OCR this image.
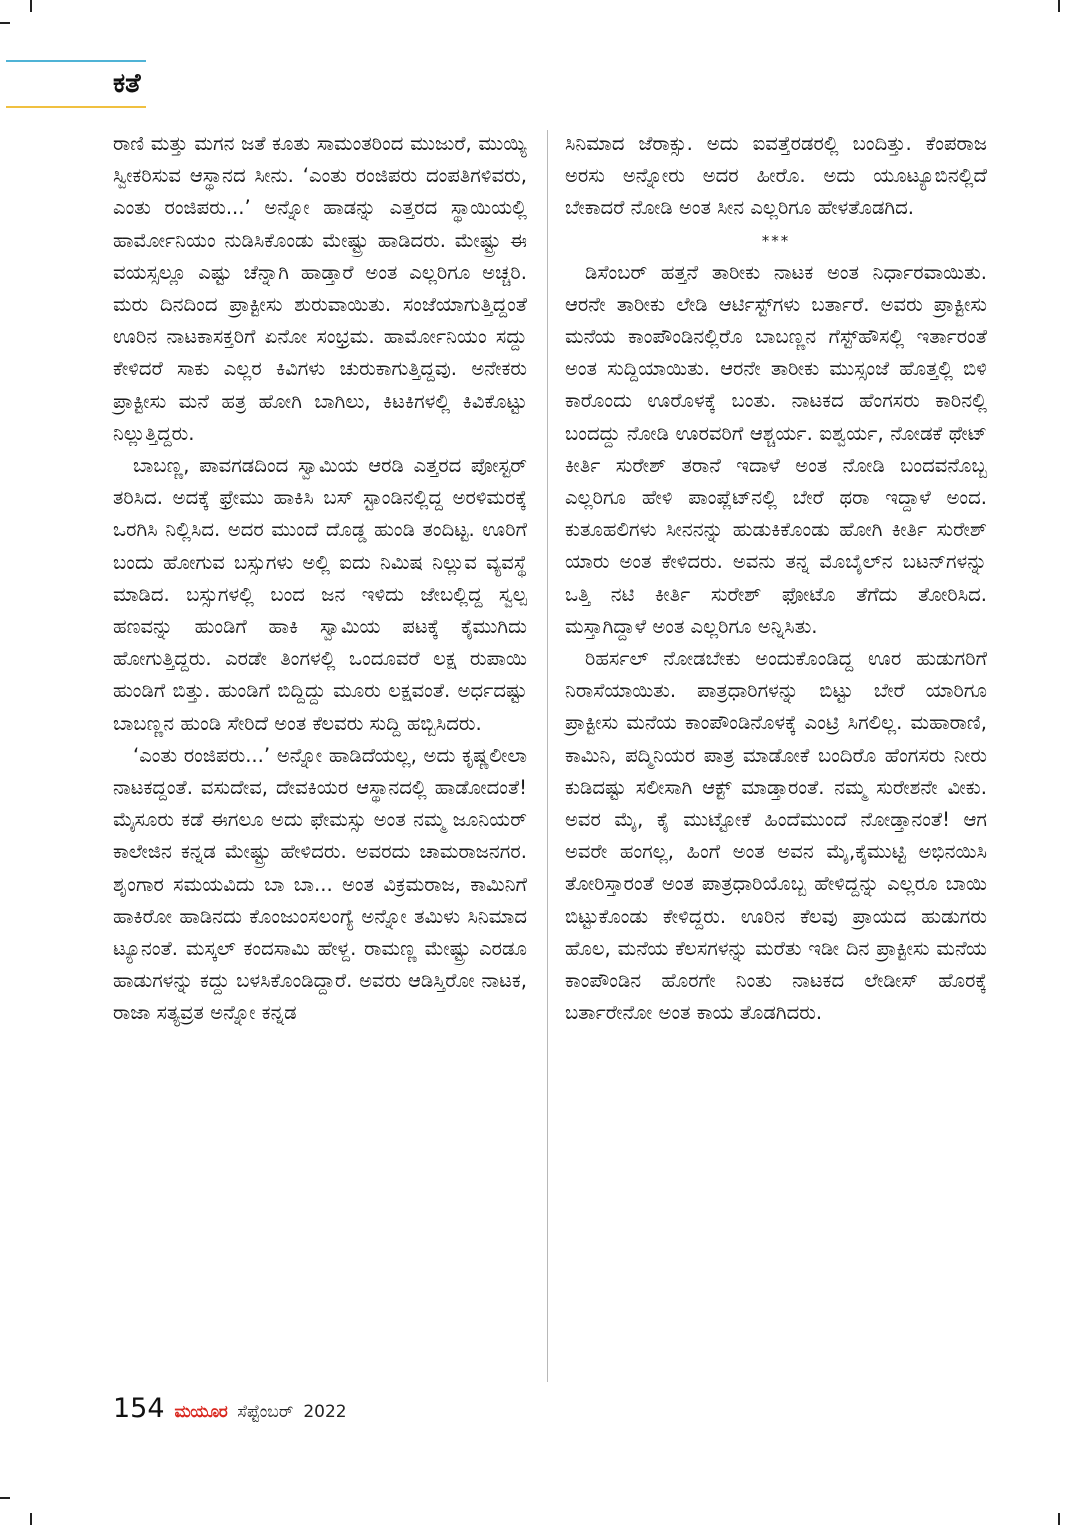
ಕತೆ

ರಾಣಿ ಮತ್ತು ಮಗನ ಜತೆ ಕೂತು ಸಾಮಂತರಿಂದ ಮುಜುರೆ, ಮುಯ್ಯಿ ಸ್ವೀಕರಿಸುವ ಆಸ್ಥಾನದ ಸೀನು. ‘ಎಂತು ರಂಜಿಪರು ದಂಪತಿಗಳಿವರು, ಎಂತು ರಂಜಿಪರು...’ ಅನ್ನೋ ಹಾಡನ್ನು ಎತ್ತರದ ಸ್ಥಾಯಿಯಲ್ಲಿ ಹಾರ್ಮೋನಿಯಂ ನುಡಿಸಿಕೊಂಡು ಮೇಷ್ಟ್ರು ಹಾಡಿದರು. ಮೇಷ್ಟ್ರು ಈ ವಯಸ್ಸಲ್ಲೂ ಎಷ್ಟು ಚೆನ್ನಾಗಿ ಹಾಡ್ತಾರೆ ಅಂತ ಎಲ್ಲರಿಗೂ ಅಚ್ಚರಿ. ಮರು ದಿನದಿಂದ ಪ್ರಾಕ್ಟೀಸು ಶುರುವಾಯಿತು. ಸಂಜೆಯಾಗುತ್ತಿದ್ದಂತೆ ಊರಿನ ನಾಟಕಾಸಕ್ತರಿಗೆ ಏನೋ ಸಂಭ್ರಮ. ಹಾರ್ಮೋನಿಯಂ ಸದ್ದು ಕೇಳಿದರೆ ಸಾಕು ಎಲ್ಲರ ಕಿವಿಗಳು ಚುರುಕಾಗುತ್ತಿದ್ದವು. ಅನೇಕರು ಪ್ರಾಕ್ಟೀಸು ಮನೆ ಹತ್ರ ಹೋಗಿ ಬಾಗಿಲು, ಕಿಟಕಿಗಳಲ್ಲಿ ಕಿವಿಕೊಟ್ಟು ನಿಲ್ಲುತ್ತಿದ್ದರು.

ಬಾಬಣ್ಣ, ಪಾವಗಡದಿಂದ ಸ್ವಾಮಿಯ ಆರಡಿ ಎತ್ತರದ ಪೋಸ್ಟರ್ ತರಿಸಿದ. ಅದಕ್ಕೆ ಫ್ರೇಮು ಹಾಕಿಸಿ ಬಸ್ ಸ್ಟಾಂಡಿನಲ್ಲಿದ್ದ ಅರಳಿಮರಕ್ಕೆ ಒರಗಿಸಿ ನಿಲ್ಲಿಸಿದ. ಅದರ ಮುಂದೆ ದೊಡ್ಡ ಹುಂಡಿ ತಂದಿಟ್ಟ. ಊರಿಗೆ ಬಂದು ಹೋಗುವ ಬಸ್ಸುಗಳು ಅಲ್ಲಿ ಐದು ನಿಮಿಷ ನಿಲ್ಲುವ ವ್ಯವಸ್ಥೆ ಮಾಡಿದ. ಬಸ್ಸುಗಳಲ್ಲಿ ಬಂದ ಜನ ಇಳಿದು ಜೇಬಲ್ಲಿದ್ದ ಸ್ವಲ್ಪ ಹಣವನ್ನು ಹುಂಡಿಗೆ ಹಾಕಿ ಸ್ವಾಮಿಯ ಪಟಕ್ಕೆ ಕೈಮುಗಿದು ಹೋಗುತ್ತಿದ್ದರು. ಎರಡೇ ತಿಂಗಳಲ್ಲಿ ಒಂದೂವರೆ ಲಕ್ಷ ರುಪಾಯಿ ಹುಂಡಿಗೆ ಬಿತ್ತು. ಹುಂಡಿಗೆ ಬಿದ್ದಿದ್ದು ಮೂರು ಲಕ್ಷವಂತೆ. ಅರ್ಧದಷ್ಟು ಬಾಬಣ್ಣನ ಹುಂಡಿ ಸೇರಿದೆ ಅಂತ ಕೆಲವರು ಸುದ್ದಿ ಹಬ್ಬಿಸಿದರು.

‘ಎಂತು ರಂಜಿಪರು...’ ಅನ್ನೋ ಹಾಡಿದೆಯಲ್ಲ, ಅದು ಕೃಷ್ಣಲೀಲಾ ನಾಟಕದ್ದಂತೆ. ವಸುದೇವ, ದೇವಕಿಯರ ಆಸ್ಥಾನದಲ್ಲಿ ಹಾಡೋದಂತೆ! ಮೈಸೂರು ಕಡೆ ಈಗಲೂ ಅದು ಫೇಮಸ್ಸು ಅಂತ ನಮ್ಮ ಜೂನಿಯರ್ ಕಾಲೇಜಿನ ಕನ್ನಡ ಮೇಷ್ಟ್ರು ಹೇಳಿದರು. ಅವರದು ಚಾಮರಾಜನಗರ. ಶೃಂಗಾರ ಸಮಯವಿದು ಬಾ ಬಾ... ಅಂತ ವಿಕ್ರಮರಾಜ, ಕಾಮಿನಿಗೆ ಹಾಕಿರೋ ಹಾಡಿನದು ಕೊಂಜುಂಸಲಂಗ್ಯೆ ಅನ್ನೋ ತಮಿಳು ಸಿನಿಮಾದ ಟ್ಯೂನಂತೆ. ಮಸ್ಕಲ್ ಕಂದಸಾಮಿ ಹೇಳ್ದ. ರಾಮಣ್ಣ ಮೇಷ್ಟ್ರು ಎರಡೂ ಹಾಡುಗಳನ್ನು ಕದ್ದು ಬಳಸಿಕೊಂಡಿದ್ದಾರೆ. ಅವರು ಆಡಿಸ್ತಿರೋ ನಾಟಕ, ರಾಜಾ ಸತ್ಯವ್ರತ ಅನ್ನೋ ಕನ್ನಡ

ಸಿನಿಮಾದ ಜೆರಾಕ್ಸು. ಅದು ಐವತ್ತೆರಡರಲ್ಲಿ ಬಂದಿತ್ತು. ಕೆಂಪರಾಜ ಅರಸು ಅನ್ನೋರು ಅದರ ಹೀರೊ. ಅದು ಯೂಟ್ಯೂಬಿನಲ್ಲಿದೆ ಬೇಕಾದರೆ ನೋಡಿ ಅಂತ ಸೀನ ಎಲ್ಲರಿಗೂ ಹೇಳತೊಡಗಿದ.

***

ಡಿಸೆಂಬರ್ ಹತ್ತನೆ ತಾರೀಕು ನಾಟಕ ಅಂತ ನಿರ್ಧಾರವಾಯಿತು. ಆರನೇ ತಾರೀಕು ಲೇಡಿ ಆರ್ಟಿಸ್ಟ್‌ಗಳು ಬರ್ತಾರೆ. ಅವರು ಪ್ರಾಕ್ಟೀಸು ಮನೆಯ ಕಾಂಪೌಂಡಿನಲ್ಲಿರೊ ಬಾಬಣ್ಣನ ಗೆಸ್ಟ್‌ಹೌಸಲ್ಲಿ ಇರ್ತಾರಂತೆ ಅಂತ ಸುದ್ದಿಯಾಯಿತು. ಆರನೇ ತಾರೀಕು ಮುಸ್ಸಂಜೆ ಹೊತ್ತಲ್ಲಿ ಬಿಳಿ ಕಾರೊಂದು ಊರೊಳಕ್ಕೆ ಬಂತು. ನಾಟಕದ ಹೆಂಗಸರು ಕಾರಿನಲ್ಲಿ ಬಂದದ್ದು ನೋಡಿ ಊರವರಿಗೆ ಆಶ್ಚರ್ಯ. ಐಶ್ವರ್ಯ, ನೋಡಕೆ ಥೇಟ್ ಕೀರ್ತಿ ಸುರೇಶ್ ತರಾನೆ ಇದಾಳೆ ಅಂತ ನೋಡಿ ಬಂದವನೊಬ್ಬ ಎಲ್ಲರಿಗೂ ಹೇಳಿ ಪಾಂಪ್ಲೆಟ್‌ನಲ್ಲಿ ಬೇರೆ ಥರಾ ಇದ್ದಾಳೆ ಅಂದ. ಕುತೂಹಲಿಗಳು ಸೀನನನ್ನು ಹುಡುಕಿಕೊಂಡು ಹೋಗಿ ಕೀರ್ತಿ ಸುರೇಶ್ ಯಾರು ಅಂತ ಕೇಳಿದರು. ಅವನು ತನ್ನ ಮೊಬೈಲ್‌ನ ಬಟನ್‌ಗಳನ್ನು ಒತ್ತಿ ನಟಿ ಕೀರ್ತಿ ಸುರೇಶ್ ಫೋಟೊ ತೆಗೆದು ತೋರಿಸಿದ. ಮಸ್ತಾಗಿದ್ದಾಳೆ ಅಂತ ಎಲ್ಲರಿಗೂ ಅನ್ನಿಸಿತು.

ರಿಹರ್ಸಲ್ ನೋಡಬೇಕು ಅಂದುಕೊಂಡಿದ್ದ ಊರ ಹುಡುಗರಿಗೆ ನಿರಾಸೆಯಾಯಿತು. ಪಾತ್ರಧಾರಿಗಳನ್ನು ಬಿಟ್ಟು ಬೇರೆ ಯಾರಿಗೂ ಪ್ರಾಕ್ಟೀಸು ಮನೆಯ ಕಾಂಪೌಂಡಿನೊಳಕ್ಕೆ ಎಂಟ್ರಿ ಸಿಗಲಿಲ್ಲ. ಮಹಾರಾಣಿ, ಕಾಮಿನಿ, ಪದ್ಮಿನಿಯರ ಪಾತ್ರ ಮಾಡೋಕೆ ಬಂದಿರೊ ಹೆಂಗಸರು ನೀರು ಕುಡಿದಷ್ಟು ಸಲೀಸಾಗಿ ಆಕ್ಟ್ ಮಾಡ್ತಾರಂತೆ. ನಮ್ಮ ಸುರೇಶನೇ ವೀಕು. ಅವರ ಮೈ, ಕೈ ಮುಟ್ಟೋಕೆ ಹಿಂದೆಮುಂದೆ ನೋಡ್ತಾನಂತೆ! ಆಗ ಅವರೇ ಹಂಗಲ್ಲ, ಹಿಂಗೆ ಅಂತ ಅವನ ಮೈ,ಕೈಮುಟ್ಟಿ ಅಭಿನಯಿಸಿ ತೋರಿಸ್ತಾರಂತೆ ಅಂತ ಪಾತ್ರಧಾರಿಯೊಬ್ಬ ಹೇಳಿದ್ದನ್ನು ಎಲ್ಲರೂ ಬಾಯಿ ಬಿಟ್ಟುಕೊಂಡು ಕೇಳಿದ್ದರು. ಊರಿನ ಕೆಲವು ಪ್ರಾಯದ ಹುಡುಗರು ಹೊಲ, ಮನೆಯ ಕೆಲಸಗಳನ್ನು ಮರೆತು ಇಡೀ ದಿನ ಪ್ರಾಕ್ಟೀಸು ಮನೆಯ ಕಾಂಪೌಂಡಿನ ಹೊರಗೇ ನಿಂತು ನಾಟಕದ ಲೇಡೀಸ್ ಹೊರಕ್ಕೆ ಬರ್ತಾರೇನೋ ಅಂತ ಕಾಯ ತೊಡಗಿದರು.

154 ಮಯೂರ ಸೆಪ್ಟೆಂಬರ್ 2022
